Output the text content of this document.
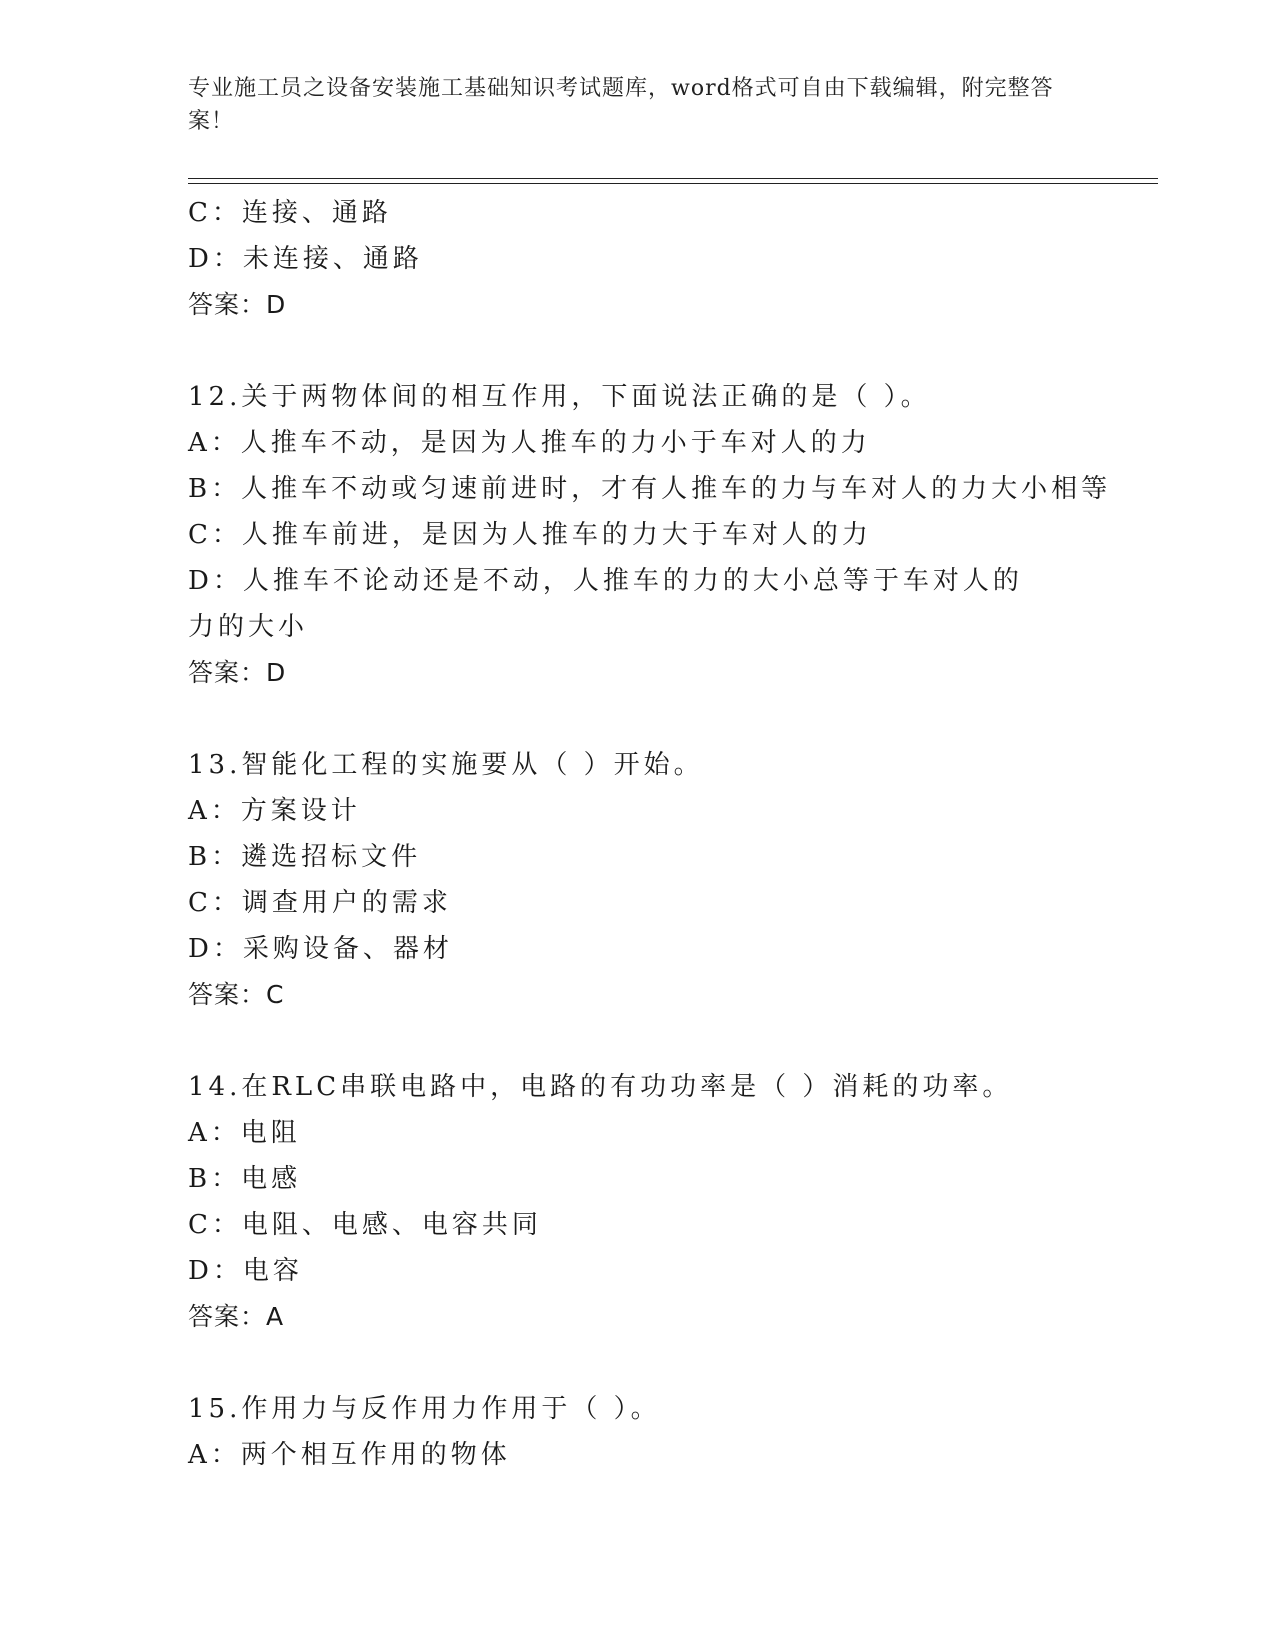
专业施工员之设备安装施工基础知识考试题库，word格式可自由下载编辑，附完整答案！
C：连接、通路
D：未连接、通路
答案：D
12.关于两物体间的相互作用，下面说法正确的是（ ）。
A：人推车不动，是因为人推车的力小于车对人的力
B：人推车不动或匀速前进时，才有人推车的力与车对人的力大小相等
C：人推车前进，是因为人推车的力大于车对人的力
D：人推车不论动还是不动，人推车的力的大小总等于车对人的力的大小
答案：D
13.智能化工程的实施要从（ ）开始。
A：方案设计
B：遴选招标文件
C：调查用户的需求
D：采购设备、器材
答案：C
14.在RLC串联电路中，电路的有功功率是（ ）消耗的功率。
A：电阻
B：电感
C：电阻、电感、电容共同
D：电容
答案：A
15.作用力与反作用力作用于（ ）。
A：两个相互作用的物体
